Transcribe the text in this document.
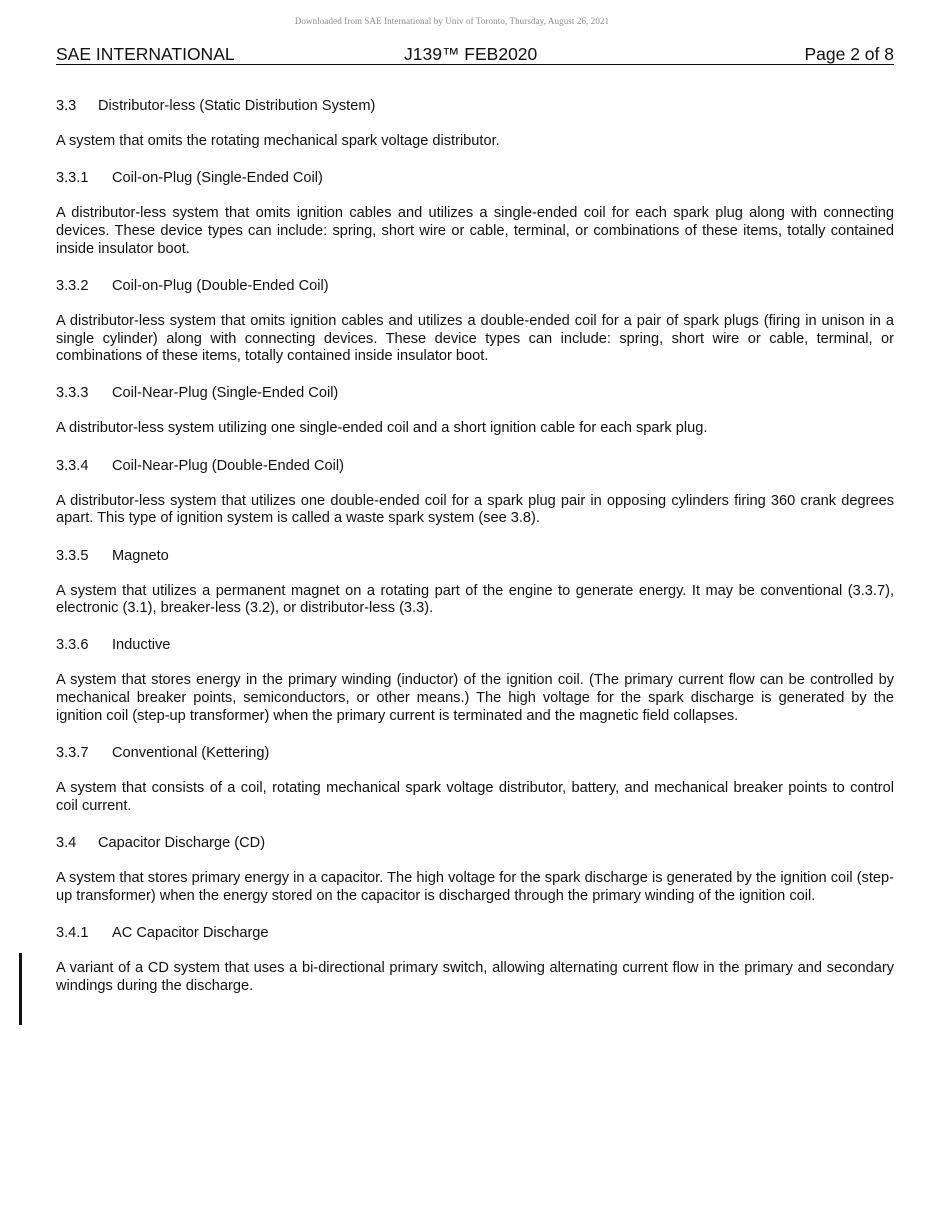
Downloaded from SAE International by Univ of Toronto, Thursday, August 26, 2021
SAE INTERNATIONAL	J139™ FEB2020	Page 2 of 8
3.3	Distributor-less (Static Distribution System)

A system that omits the rotating mechanical spark voltage distributor.

3.3.1	Coil-on-Plug (Single-Ended Coil)

A distributor-less system that omits ignition cables and utilizes a single-ended coil for each spark plug along with connecting devices. These device types can include: spring, short wire or cable, terminal, or combinations of these items, totally contained inside insulator boot.

3.3.2	Coil-on-Plug (Double-Ended Coil)

A distributor-less system that omits ignition cables and utilizes a double-ended coil for a pair of spark plugs (firing in unison in a single cylinder) along with connecting devices. These device types can include: spring, short wire or cable, terminal, or combinations of these items, totally contained inside insulator boot.

3.3.3	Coil-Near-Plug (Single-Ended Coil)

A distributor-less system utilizing one single-ended coil and a short ignition cable for each spark plug.

3.3.4	Coil-Near-Plug (Double-Ended Coil)

A distributor-less system that utilizes one double-ended coil for a spark plug pair in opposing cylinders firing 360 crank degrees apart. This type of ignition system is called a waste spark system (see 3.8).

3.3.5	Magneto

A system that utilizes a permanent magnet on a rotating part of the engine to generate energy. It may be conventional (3.3.7), electronic (3.1), breaker-less (3.2), or distributor-less (3.3).

3.3.6	Inductive

A system that stores energy in the primary winding (inductor) of the ignition coil. (The primary current flow can be controlled by mechanical breaker points, semiconductors, or other means.) The high voltage for the spark discharge is generated by the ignition coil (step-up transformer) when the primary current is terminated and the magnetic field collapses.

3.3.7	Conventional (Kettering)

A system that consists of a coil, rotating mechanical spark voltage distributor, battery, and mechanical breaker points to control coil current.

3.4	Capacitor Discharge (CD)

A system that stores primary energy in a capacitor. The high voltage for the spark discharge is generated by the ignition coil (step-up transformer) when the energy stored on the capacitor is discharged through the primary winding of the ignition coil.

3.4.1	AC Capacitor Discharge

A variant of a CD system that uses a bi-directional primary switch, allowing alternating current flow in the primary and secondary windings during the discharge.
